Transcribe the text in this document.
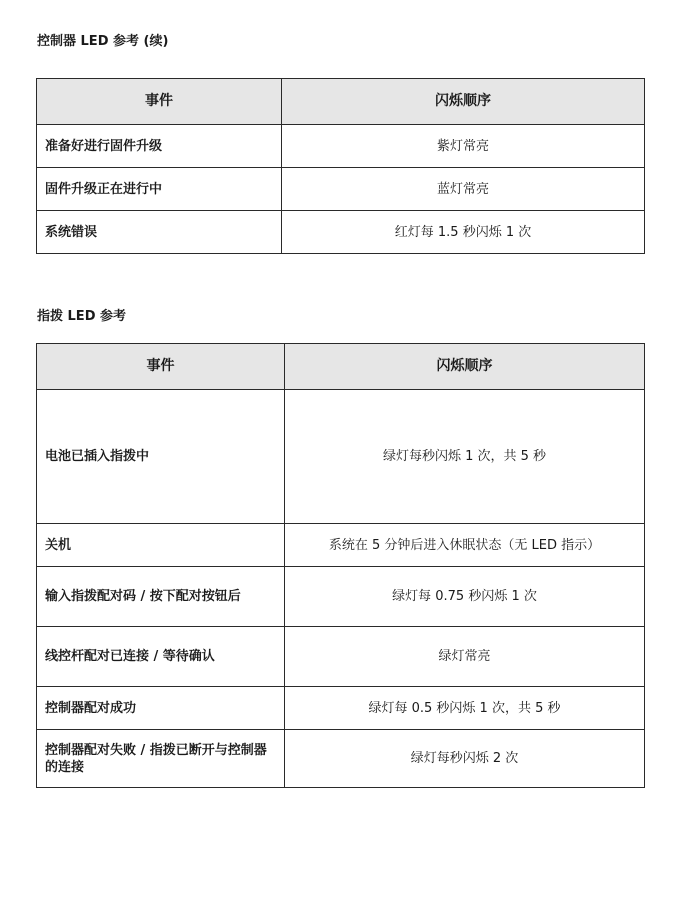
控制器 LED 参考 (续)
事件	闪烁顺序
准备好进行固件升级	紫灯常亮
固件升级正在进行中	蓝灯常亮
系统错误	红灯每 1.5 秒闪烁 1 次
指拨 LED 参考
事件	闪烁顺序
电池已插入指拨中	绿灯每秒闪烁 1 次，共 5 秒
关机	系统在 5 分钟后进入休眠状态（无 LED 指示）
输入指拨配对码 / 按下配对按钮后	绿灯每 0.75 秒闪烁 1 次
线控杆配对已连接 / 等待确认	绿灯常亮
控制器配对成功	绿灯每 0.5 秒闪烁 1 次，共 5 秒
控制器配对失败 / 指拨已断开与控制器的连接	绿灯每秒闪烁 2 次
